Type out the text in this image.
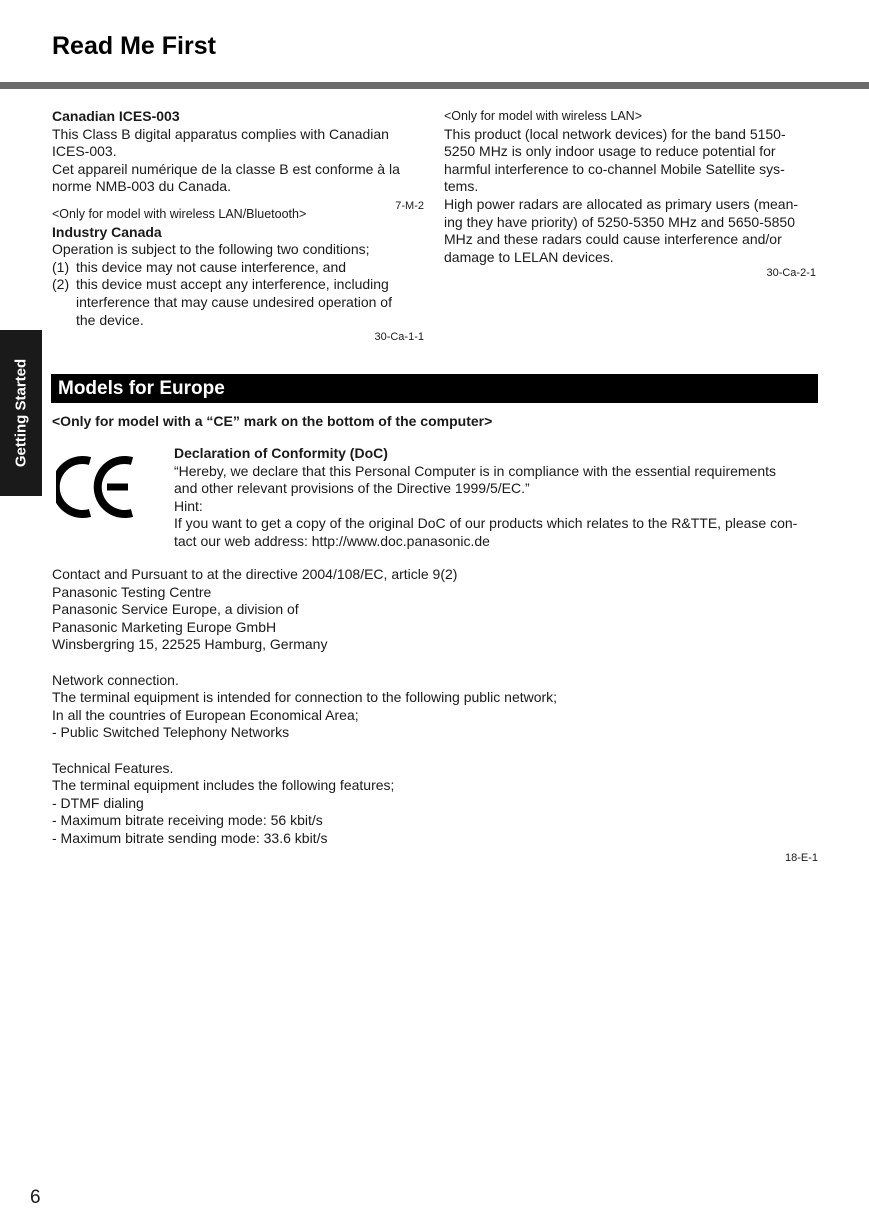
Read Me First
Getting Started

Canadian ICES-003

This Class B digital apparatus complies with Canadian

ICES-003.

Cet appareil numérique de la classe B est conforme à la

norme NMB-003 du Canada.

7-M-2
<Only for model with wireless LAN/Bluetooth>

Industry Canada

Operation is subject to the following two conditions;

(1) this device may not cause interference, and

(2) this device must accept any interference, including

interference that may cause undesired operation of

the device.

30-Ca-1-1

<Only for model with wireless LAN>

This product (local network devices) for the band 5150-

5250 MHz is only indoor usage to reduce potential for

harmful interference to co-channel Mobile Satellite sys-

tems.

High power radars are allocated as primary users (mean-

ing they have priority) of 5250-5350 MHz and 5650-5850

MHz and these radars could cause interference and/or

damage to LELAN devices.

30-Ca-2-1

Models for Europe
<Only for model with a “CE” mark on the bottom of the computer>

Declaration of Conformity (DoC)

“Hereby, we declare that this Personal Computer is in compliance with the essential requirements

and other relevant provisions of the Directive 1999/5/EC.”

Hint:

If you want to get a copy of the original DoC of our products which relates to the R&TTE, please con-

tact our web address: http://www.doc.panasonic.de

Contact and Pursuant to at the directive 2004/108/EC, article 9(2)

Panasonic Testing Centre

Panasonic Service Europe, a division of

Panasonic Marketing Europe GmbH

Winsbergring 15, 22525 Hamburg, Germany

Network connection.

The terminal equipment is intended for connection to the following public network;

In all the countries of European Economical Area;

- Public Switched Telephony Networks

Technical Features.

The terminal equipment includes the following features;

- DTMF dialing

- Maximum bitrate receiving mode: 56 kbit/s

- Maximum bitrate sending mode: 33.6 kbit/s

18-E-1

6
